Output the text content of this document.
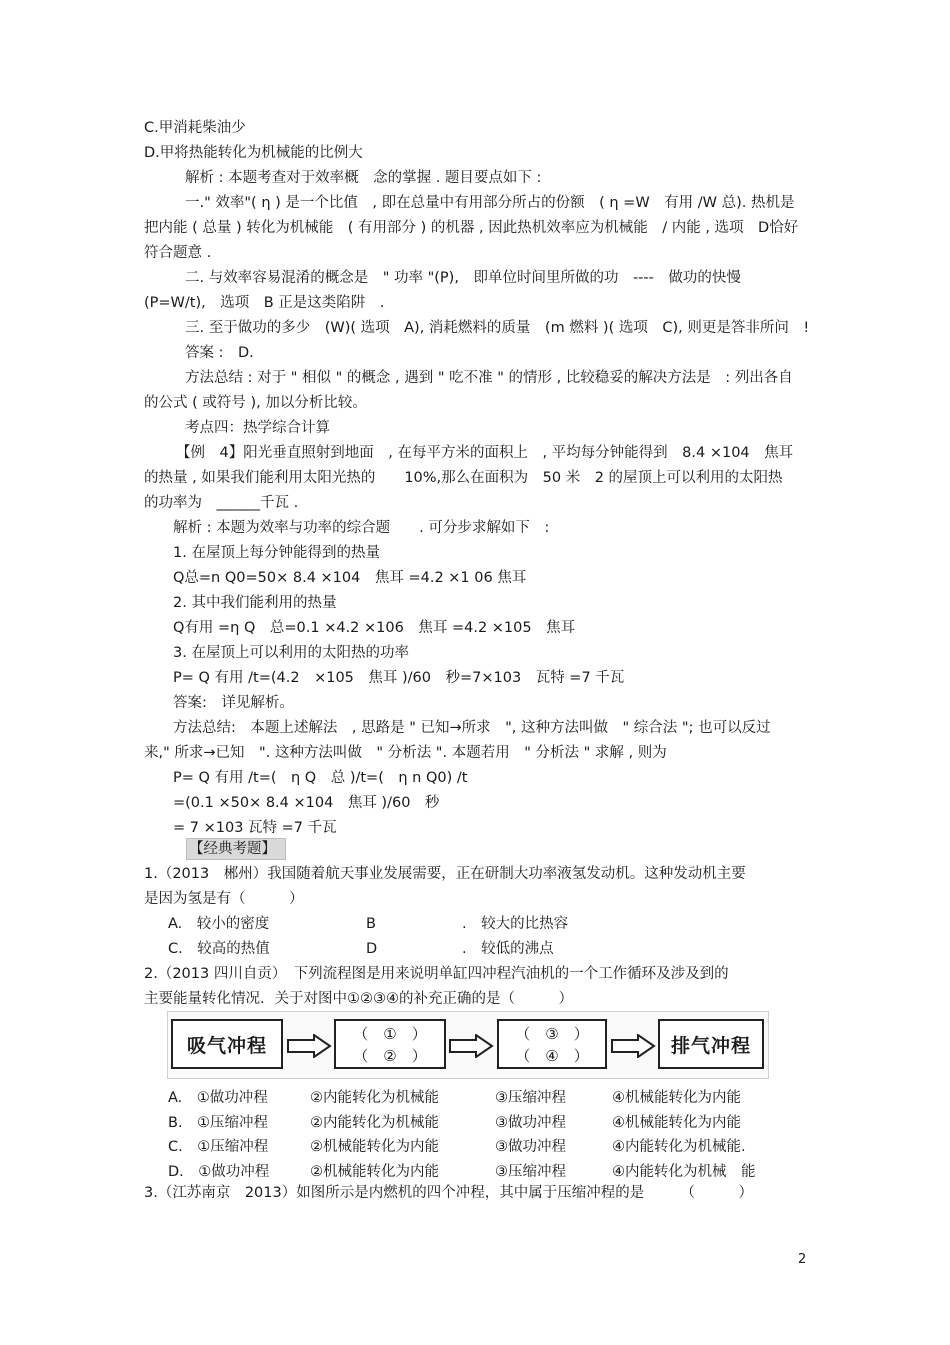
C.甲消耗柴油少
D.甲将热能转化为机械能的比例大
解析 : 本题考查对于效率概　念的掌握 . 题目要点如下 :
一." 效率"( η ) 是一个比值　, 即在总量中有用部分所占的份额　( η =W　有用 /W 总). 热机是
把内能 ( 总量 ) 转化为机械能　( 有用部分 ) 的机器 , 因此热机效率应为机械能　/ 内能 , 选项　D恰好
符合题意 .
二. 与效率容易混淆的概念是　" 功率 "(P),　即单位时间里所做的功　----　做功的快慢
(P=W/t),　选项　B 正是这类陷阱　.
三. 至于做功的多少　(W)( 选项　A), 消耗燃料的质量　(m 燃料 )( 选项　C), 则更是答非所问　!
答案 :　D.
方法总结 : 对于 " 相似 " 的概念 , 遇到 " 吃不准 " 的情形 , 比较稳妥的解决方法是　: 列出各自
的公式 ( 或符号 ), 加以分析比较。
考点四：热学综合计算
【例　4】阳光垂直照射到地面　, 在每平方米的面积上　, 平均每分钟能得到　8.4 ×104　焦耳
的热量 , 如果我们能利用太阳光热的　　10%,那么在面积为　50 米　2 的屋顶上可以利用的太阳热
的功率为　______千瓦 .
解析 : 本题为效率与功率的综合题　　. 可分步求解如下　:
1. 在屋顶上每分钟能得到的热量
Q总=n Q0=50× 8.4 ×104　焦耳 =4.2 ×1 06 焦耳
2. 其中我们能利用的热量
Q有用 =η Q　总=0.1 ×4.2 ×106　焦耳 =4.2 ×105　焦耳
3. 在屋顶上可以利用的太阳热的功率
P= Q 有用 /t=(4.2　×105　焦耳 )/60　秒=7×103　瓦特 =7 千瓦
答案:　详见解析。
方法总结:　本题上述解法　, 思路是 " 已知→所求　", 这种方法叫做　" 综合法 "; 也可以反过
来," 所求→已知　". 这种方法叫做　" 分析法 ". 本题若用　" 分析法 " 求解 , 则为
P= Q 有用 /t=(　η Q　总 )/t=(　η n Q0) /t
=(0.1 ×50× 8.4 ×104　焦耳 )/60　秒
= 7 ×103 瓦特 =7 千瓦
1.（2013　郴州）我国随着航天事业发展需要，正在研制大功率液氢发动机。这种发动机主要
是因为氢是有（　　　）
2.（2013 四川自贡）　下列流程图是用来说明单缸四冲程汽油机的一个工作循环及涉及到的
主要能量转化情况．关于对图中①②③④的补充正确的是（　　　）
3.（江苏南京　2013）如图所示是内燃机的四个冲程，其中属于压缩冲程的是　　　（　　　）
【经典考题】
A.　较小的密度	B	.　较大的比热容
C.　较高的热值	D	.　较低的沸点
吸气冲程
（　①　）
（　②　）
（　③　）
（　④　）	排气冲程
A.　①做功冲程	②内能转化为机械能	③压缩冲程	④机械能转化为内能
B.　①压缩冲程	②内能转化为机械能	③做功冲程	④机械能转化为内能
C.　①压缩冲程	②机械能转化为内能	③做功冲程	④内能转化为机械能.
D.　①做功冲程	②机械能转化为内能	③压缩冲程	④内能转化为机械　能
2
